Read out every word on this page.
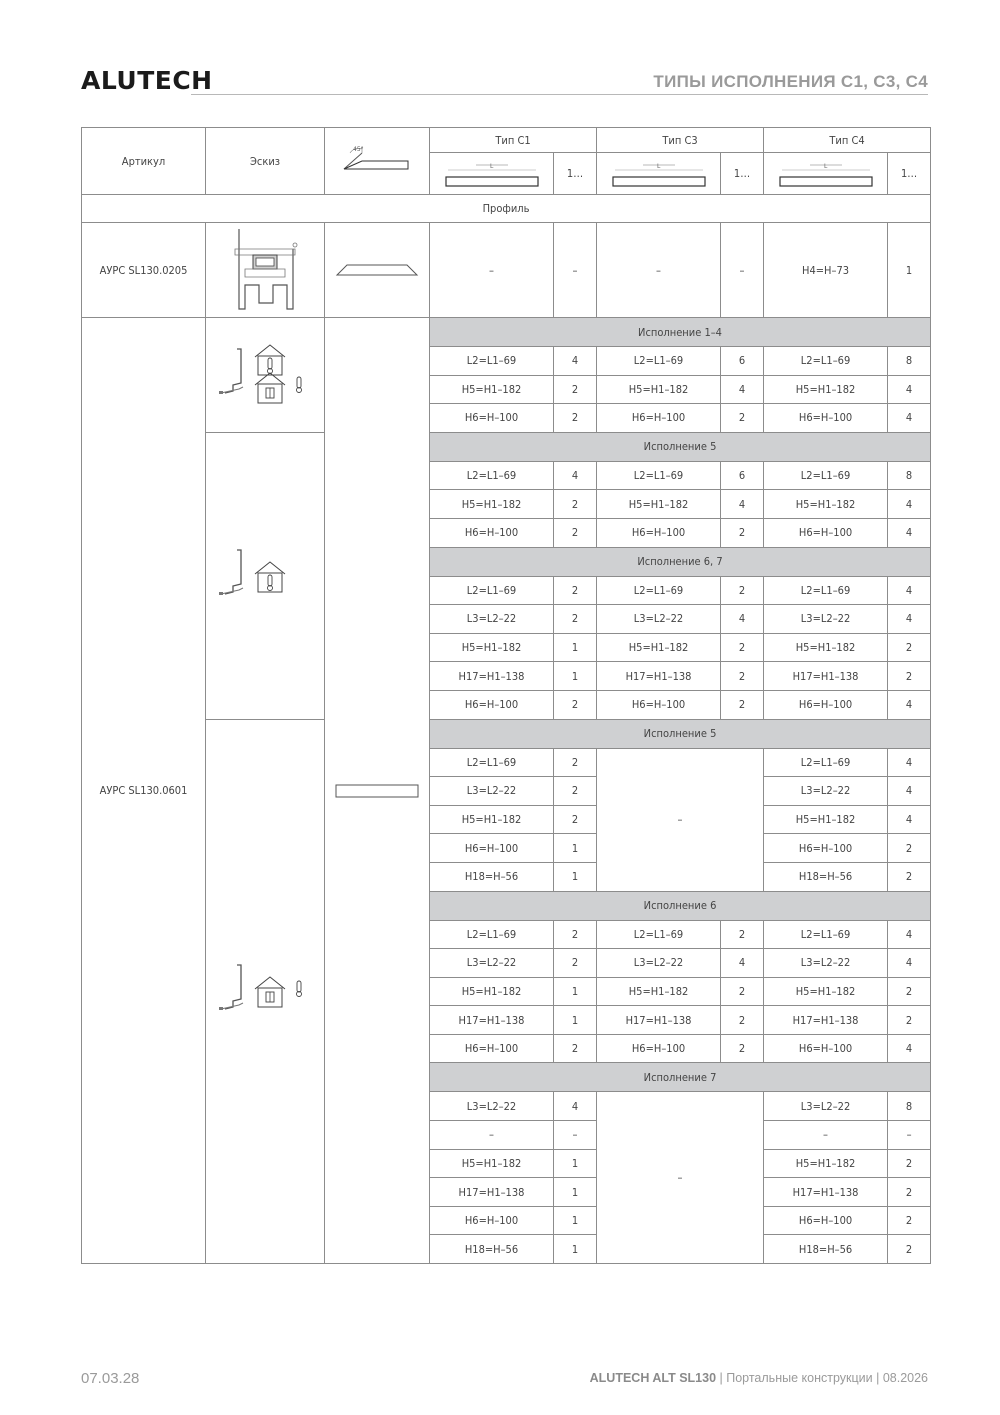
ALUTECH	ТИПЫ ИСПОЛНЕНИЯ С1, С3, С4
Артикул	Эскиз	45°	Тип С1		Тип С3		Тип С4	

L	1…	L	1…	L	1…
Профиль								
АУРС SL130.0205			–	–	–	–	H4=H–73	1
АУРС SL130.0601			Исполнение 1–4					
			L2=L1–69	4	L2=L1–69	6	L2=L1–69	8
			H5=H1–182	2	H5=H1–182	4	H5=H1–182	4
			H6=H–100	2	H6=H–100	2	H6=H–100	4

	Исполнение 5					
			L2=L1–69	4	L2=L1–69	6	L2=L1–69	8
			H5=H1–182	2	H5=H1–182	4	H5=H1–182	4
			H6=H–100	2	H6=H–100	2	H6=H–100	4
			Исполнение 6, 7					
			L2=L1–69	2	L2=L1–69	2	L2=L1–69	4
			L3=L2–22	2	L3=L2–22	4	L3=L2–22	4
			H5=H1–182	1	H5=H1–182	2	H5=H1–182	2
			H17=H1–138	1	H17=H1–138	2	H17=H1–138	2
			H6=H–100	2	H6=H–100	2	H6=H–100	4

	Исполнение 5					
			L2=L1–69	2	–		L2=L1–69	4
			L3=L2–22	2			L3=L2–22	4
			H5=H1–182	2			H5=H1–182	4
			H6=H–100	1			H6=H–100	2
			H18=H–56	1			H18=H–56	2
			Исполнение 6					
			L2=L1–69	2	L2=L1–69	2	L2=L1–69	4
			L3=L2–22	2	L3=L2–22	4	L3=L2–22	4
			H5=H1–182	1	H5=H1–182	2	H5=H1–182	2
			H17=H1–138	1	H17=H1–138	2	H17=H1–138	2
			H6=H–100	2	H6=H–100	2	H6=H–100	4
			Исполнение 7					
			L3=L2–22	4	–		L3=L2–22	8
			–	–			–	–
			H5=H1–182	1			H5=H1–182	2
			H17=H1–138	1			H17=H1–138	2
			H6=H–100	1			H6=H–100	2
			H18=H–56	1			H18=H–56	2
07.03.28	ALUTECH ALT SL130 | Портальные конструкции | 08.2026
